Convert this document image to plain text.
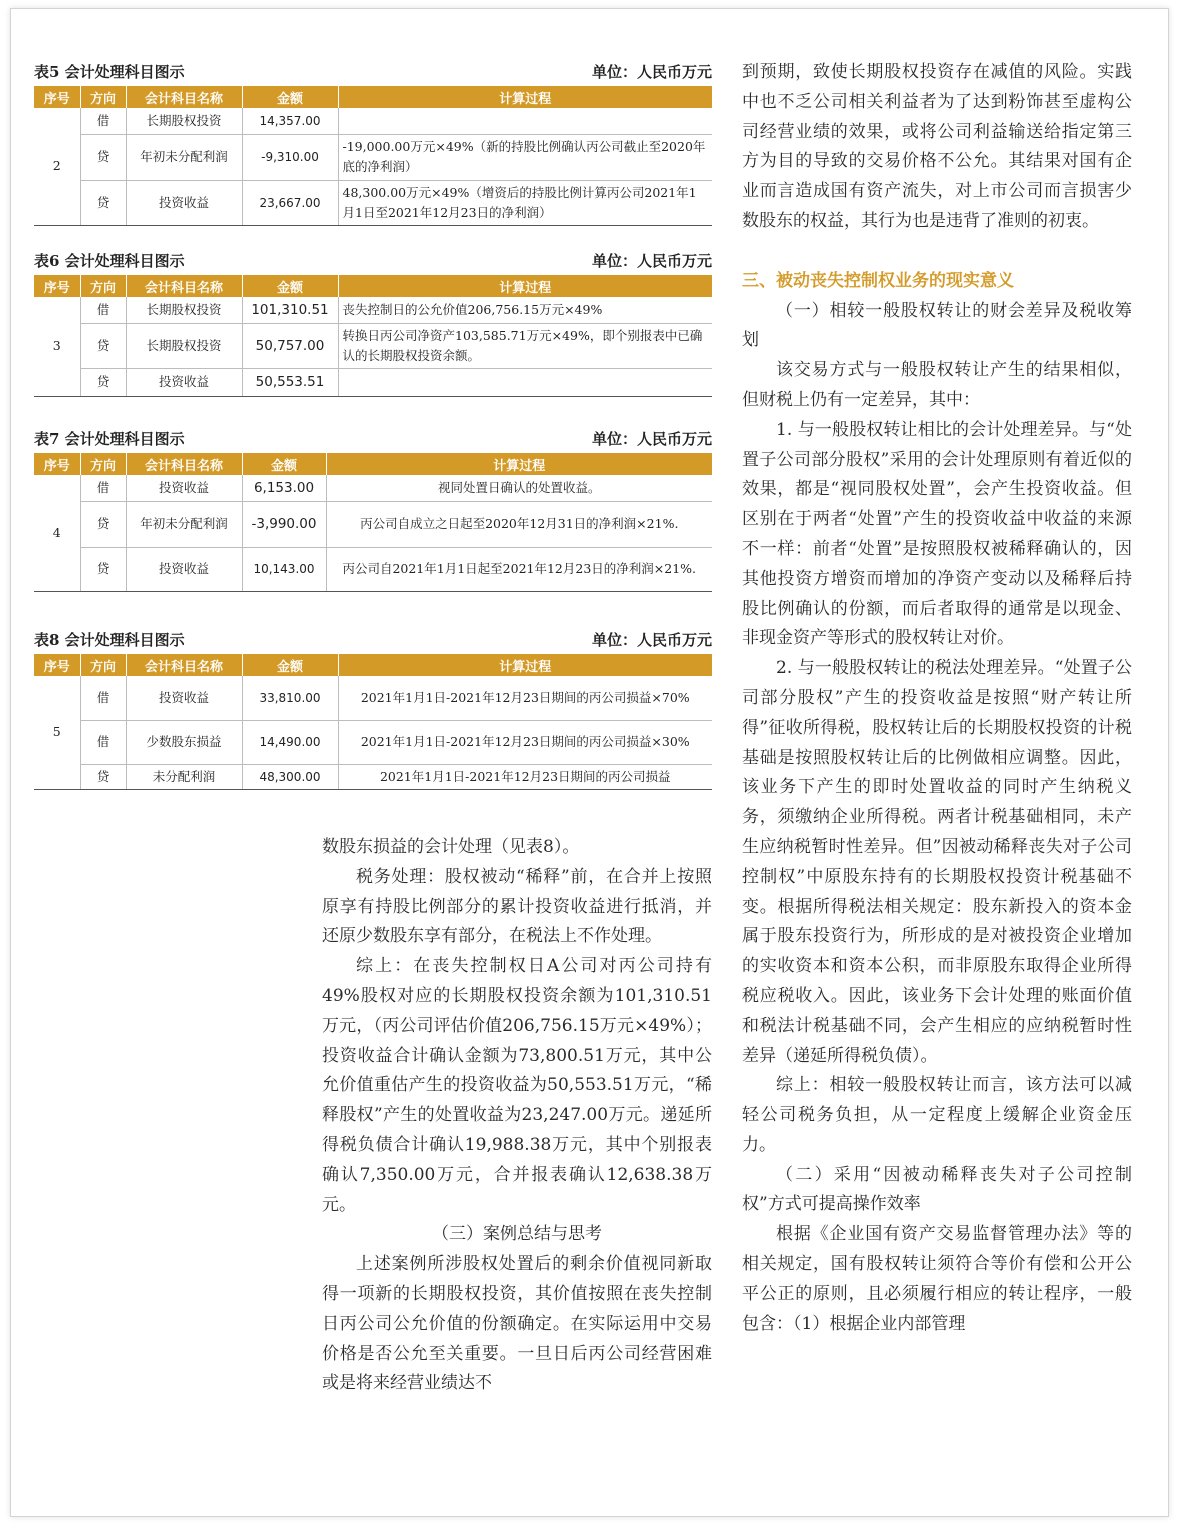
表5 会计处理科目图示	单位：人民币万元
序号	方向	会计科目名称	金额	计算过程
2	借	长期股权投资	14,357.00	
	贷	年初未分配利润	-9,310.00	-19,000.00万元×49%（新的持股比例确认丙公司截止至2020年底的净利润）
	贷	投资收益	23,667.00	48,300.00万元×49%（增资后的持股比例计算丙公司2021年1月1日至2021年12月23日的净利润）
表6 会计处理科目图示	单位：人民币万元
序号	方向	会计科目名称	金额	计算过程
3	借	长期股权投资	101,310.51	丧失控制日的公允价值206,756.15万元×49%
	贷	长期股权投资	50,757.00	转换日丙公司净资产103,585.71万元×49%，即个别报表中已确认的长期股权投资余额。
	贷	投资收益	50,553.51	
表7 会计处理科目图示	单位：人民币万元
序号	方向	会计科目名称	金额	计算过程
4	借	投资收益	6,153.00	视同处置日确认的处置收益。
	贷	年初未分配利润	-3,990.00	丙公司自成立之日起至2020年12月31日的净利润×21%.
	贷	投资收益	10,143.00	丙公司自2021年1月1日起至2021年12月23日的净利润×21%.
表8 会计处理科目图示	单位：人民币万元
序号	方向	会计科目名称	金额	计算过程
5	借	投资收益	33,810.00	2021年1月1日-2021年12月23日期间的丙公司损益×70%
	借	少数股东损益	14,490.00	2021年1月1日-2021年12月23日期间的丙公司损益×30%
	贷	未分配利润	48,300.00	2021年1月1日-2021年12月23日期间的丙公司损益

数股东损益的会计处理（见表8）。

税务处理：股权被动“稀释”前，在合并上按照原享有持股比例部分的累计投资收益进行抵消，并还原少数股东享有部分，在税法上不作处理。

综上：在丧失控制权日A公司对丙公司持有49%股权对应的长期股权投资余额为101,310.51万元，（丙公司评估价值206,756.15万元×49%）；投资收益合计确认金额为73,800.51万元，其中公允价值重估产生的投资收益为50,553.51万元，“稀释股权”产生的处置收益为23,247.00万元。递延所得税负债合计确认19,988.38万元，其中个别报表确认7,350.00万元，合并报表确认12,638.38万元。

（三）案例总结与思考

上述案例所涉股权处置后的剩余价值视同新取得一项新的长期股权投资，其价值按照在丧失控制日丙公司公允价值的份额确定。在实际运用中交易价格是否公允至关重要。一旦日后丙公司经营困难或是将来经营业绩达不

到预期，致使长期股权投资存在减值的风险。实践中也不乏公司相关利益者为了达到粉饰甚至虚构公司经营业绩的效果，或将公司利益输送给指定第三方为目的导致的交易价格不公允。其结果对国有企业而言造成国有资产流失，对上市公司而言损害少数股东的权益，其行为也是违背了准则的初衷。

三、被动丧失控制权业务的现实意义

（一）相较一般股权转让的财会差异及税收筹划

该交易方式与一般股权转让产生的结果相似，但财税上仍有一定差异，其中：

1. 与一般股权转让相比的会计处理差异。与“处置子公司部分股权”采用的会计处理原则有着近似的效果，都是“视同股权处置”，会产生投资收益。但区别在于两者“处置”产生的投资收益中收益的来源不一样：前者“处置”是按照股权被稀释确认的，因其他投资方增资而增加的净资产变动以及稀释后持股比例确认的份额，而后者取得的通常是以现金、非现金资产等形式的股权转让对价。

2. 与一般股权转让的税法处理差异。“处置子公司部分股权”产生的投资收益是按照“财产转让所得”征收所得税，股权转让后的长期股权投资的计税基础是按照股权转让后的比例做相应调整。因此，该业务下产生的即时处置收益的同时产生纳税义务，须缴纳企业所得税。两者计税基础相同，未产生应纳税暂时性差异。但”因被动稀释丧失对子公司控制权”中原股东持有的长期股权投资计税基础不变。根据所得税法相关规定：股东新投入的资本金属于股东投资行为，所形成的是对被投资企业增加的实收资本和资本公积，而非原股东取得企业所得税应税收入。因此，该业务下会计处理的账面价值和税法计税基础不同，会产生相应的应纳税暂时性差异（递延所得税负债）。

综上：相较一般股权转让而言，该方法可以减轻公司税务负担，从一定程度上缓解企业资金压力。

（二）采用“因被动稀释丧失对子公司控制权”方式可提高操作效率

根据《企业国有资产交易监督管理办法》等的相关规定，国有股权转让须符合等价有偿和公开公平公正的原则，且必须履行相应的转让程序，一般包含：（1）根据企业内部管理
